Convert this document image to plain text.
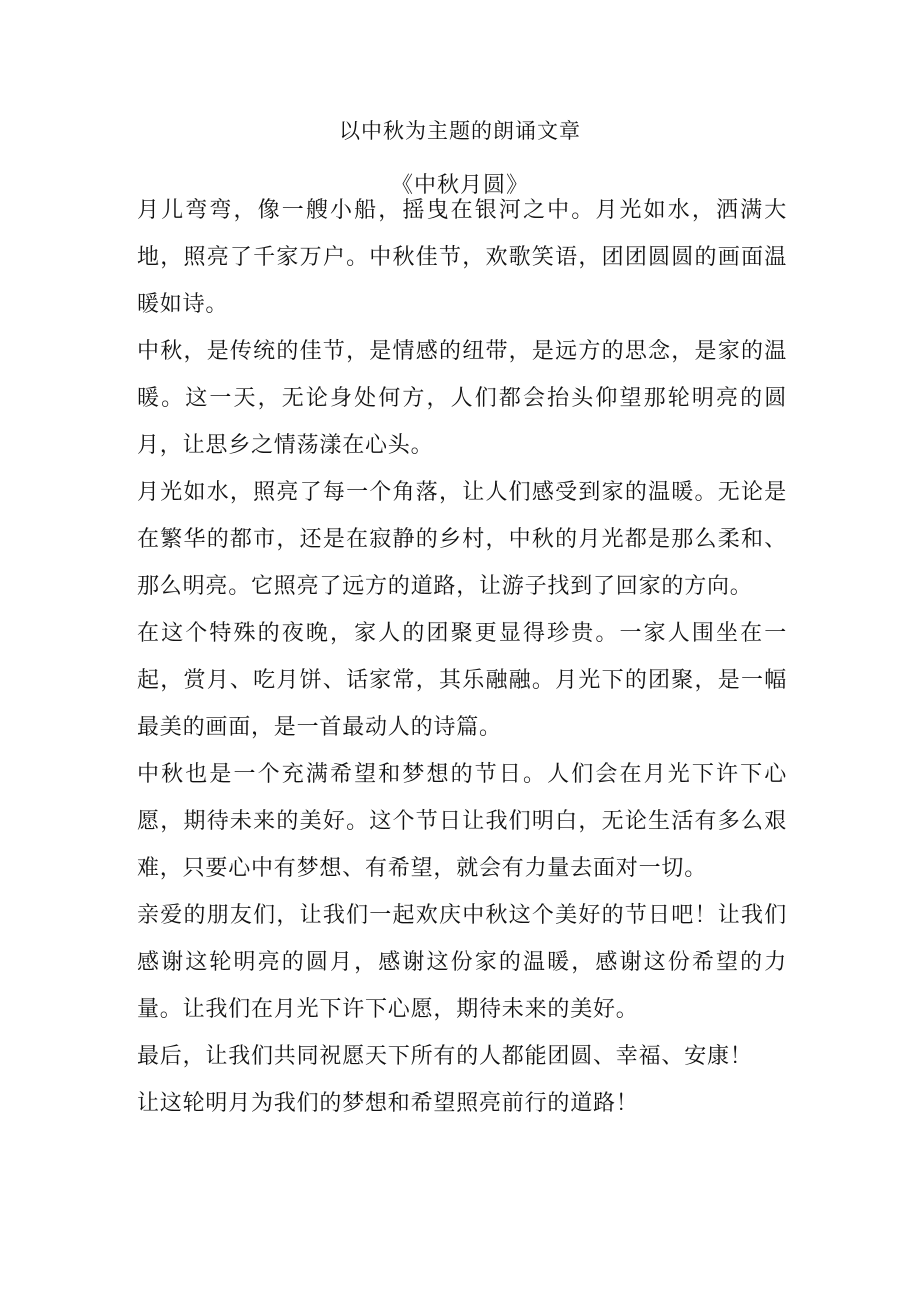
以中秋为主题的朗诵文章
《中秋月圆》

月儿弯弯，像一艘小船，摇曳在银河之中。月光如水，洒满大地，照亮了千家万户。中秋佳节，欢歌笑语，团团圆圆的画面温暖如诗。

中秋，是传统的佳节，是情感的纽带，是远方的思念，是家的温暖。这一天，无论身处何方，人们都会抬头仰望那轮明亮的圆月，让思乡之情荡漾在心头。

月光如水，照亮了每一个角落，让人们感受到家的温暖。无论是在繁华的都市，还是在寂静的乡村，中秋的月光都是那么柔和、那么明亮。它照亮了远方的道路，让游子找到了回家的方向。

在这个特殊的夜晚，家人的团聚更显得珍贵。一家人围坐在一起，赏月、吃月饼、话家常，其乐融融。月光下的团聚，是一幅最美的画面，是一首最动人的诗篇。

中秋也是一个充满希望和梦想的节日。人们会在月光下许下心愿，期待未来的美好。这个节日让我们明白，无论生活有多么艰难，只要心中有梦想、有希望，就会有力量去面对一切。

亲爱的朋友们，让我们一起欢庆中秋这个美好的节日吧！让我们感谢这轮明亮的圆月，感谢这份家的温暖，感谢这份希望的力量。让我们在月光下许下心愿，期待未来的美好。

最后，让我们共同祝愿天下所有的人都能团圆、幸福、安康！

让这轮明月为我们的梦想和希望照亮前行的道路！
